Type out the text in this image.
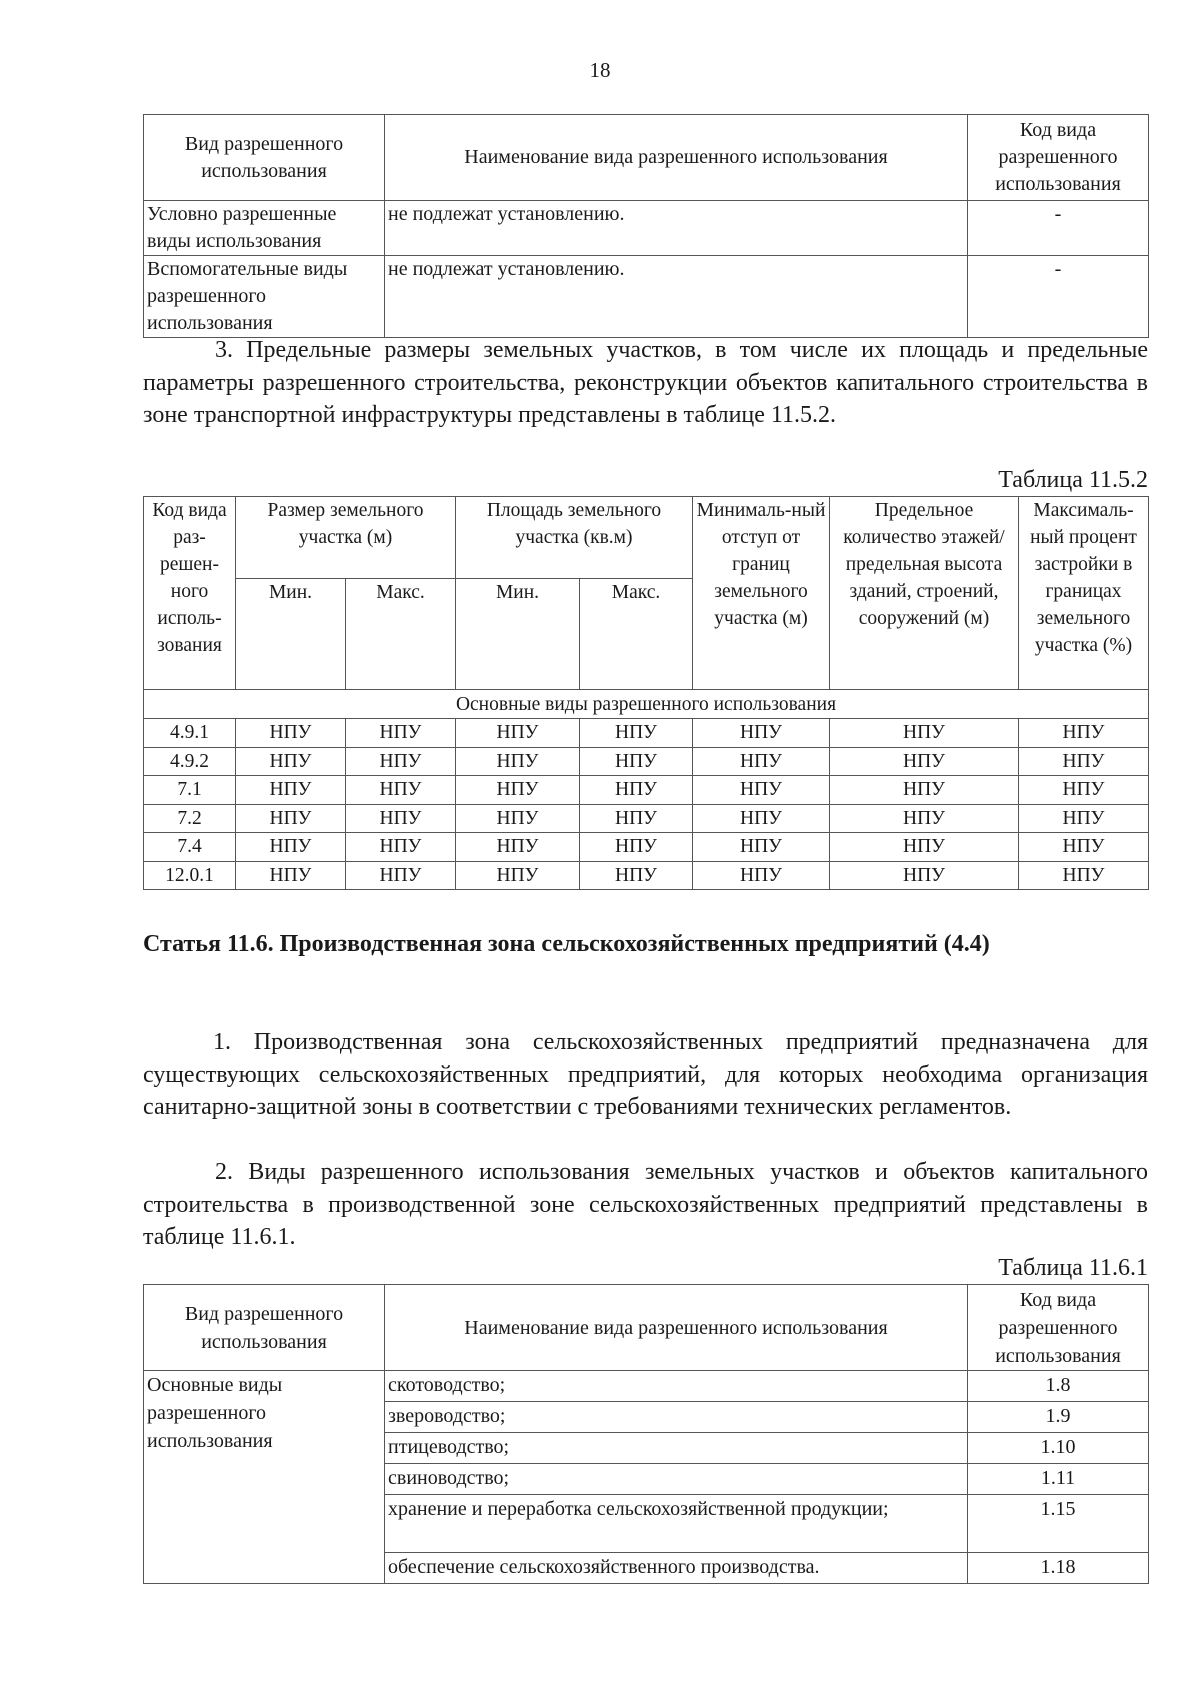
18
Вид разрешенного использования	Наименование вида разрешенного использования	Код вида разрешенного использования
Условно разрешенные виды использования	не подлежат установлению.	-
Вспомогательные виды разрешенного использования	не подлежат установлению.	-

3. Предельные размеры земельных участков, в том числе их площадь и предельные параметры разрешенного строительства, реконструкции объектов капитального строительства в зоне транспортной инфраструктуры представлены в таблице 11.5.2.

Таблица 11.5.2
Код вида раз-решен-ного исполь-зования	Размер земельного участка (м)		Площадь земельного участка (кв.м)		Минималь-ный отступ от границ земельного участка (м)	Предельное количество этажей/ предельная высота зданий, строений, сооружений (м)	Максималь-ный процент застройки в границах земельного участка (%)
	Мин.	Макс.	Мин.	Макс.			
Основные виды разрешенного использования							
4.9.1	НПУ	НПУ	НПУ	НПУ	НПУ	НПУ	НПУ
4.9.2	НПУ	НПУ	НПУ	НПУ	НПУ	НПУ	НПУ
7.1	НПУ	НПУ	НПУ	НПУ	НПУ	НПУ	НПУ
7.2	НПУ	НПУ	НПУ	НПУ	НПУ	НПУ	НПУ
7.4	НПУ	НПУ	НПУ	НПУ	НПУ	НПУ	НПУ
12.0.1	НПУ	НПУ	НПУ	НПУ	НПУ	НПУ	НПУ

Статья 11.6. Производственная зона сельскохозяйственных предприятий (4.4)

1. Производственная зона сельскохозяйственных предприятий предназначена для существующих сельскохозяйственных предприятий, для которых необходима организация санитарно-защитной зоны в соответствии с требованиями технических регламентов.

2. Виды разрешенного использования земельных участков и объектов капитального строительства в производственной зоне сельскохозяйственных предприятий представлены в таблице 11.6.1.

Таблица 11.6.1
Вид разрешенного использования	Наименование вида разрешенного использования	Код вида разрешенного использования
Основные виды разрешенного использования	скотоводство;	1.8
	звероводство;	1.9
	птицеводство;	1.10
	свиноводство;	1.11
	хранение и переработка сельскохозяйственной продукции;	1.15
	обеспечение сельскохозяйственного производства.	1.18
